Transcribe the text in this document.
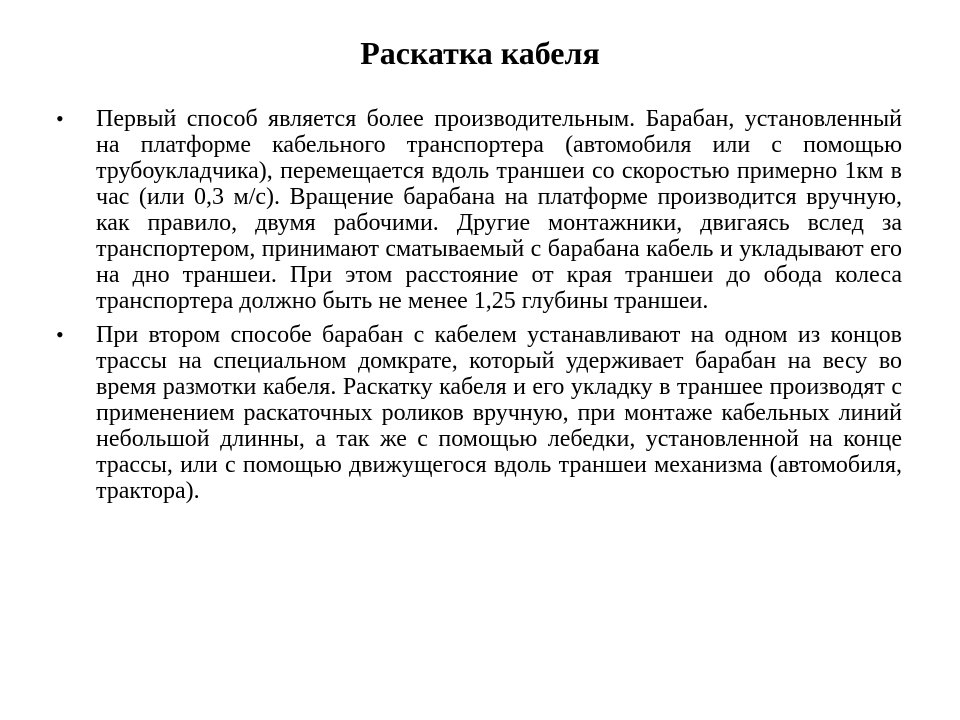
Раскатка кабеля
• Первый способ является более производительным. Барабан, установленный на платформе кабельного транспортера (автомобиля или с помощью трубоукладчика), перемещается вдоль траншеи со скоростью примерно 1км в час (или 0,3 м/с). Вращение барабана на платформе производится вручную, как правило, двумя рабочими. Другие монтажники, двигаясь вслед за транспортером, принимают сматываемый с барабана кабель и укладывают его на дно траншеи. При этом расстояние от края траншеи до обода колеса транспортера должно быть не менее 1,25 глубины траншеи.

• При втором способе барабан с кабелем устанавливают на одном из концов трассы на специальном домкрате, который удерживает барабан на весу во время размотки кабеля. Раскатку кабеля и его укладку в траншее производят с применением раскаточных роликов вручную, при монтаже кабельных линий небольшой длинны, а так же с помощью лебедки, установленной на конце трассы, или с помощью движущегося вдоль траншеи механизма (автомобиля, трактора).
